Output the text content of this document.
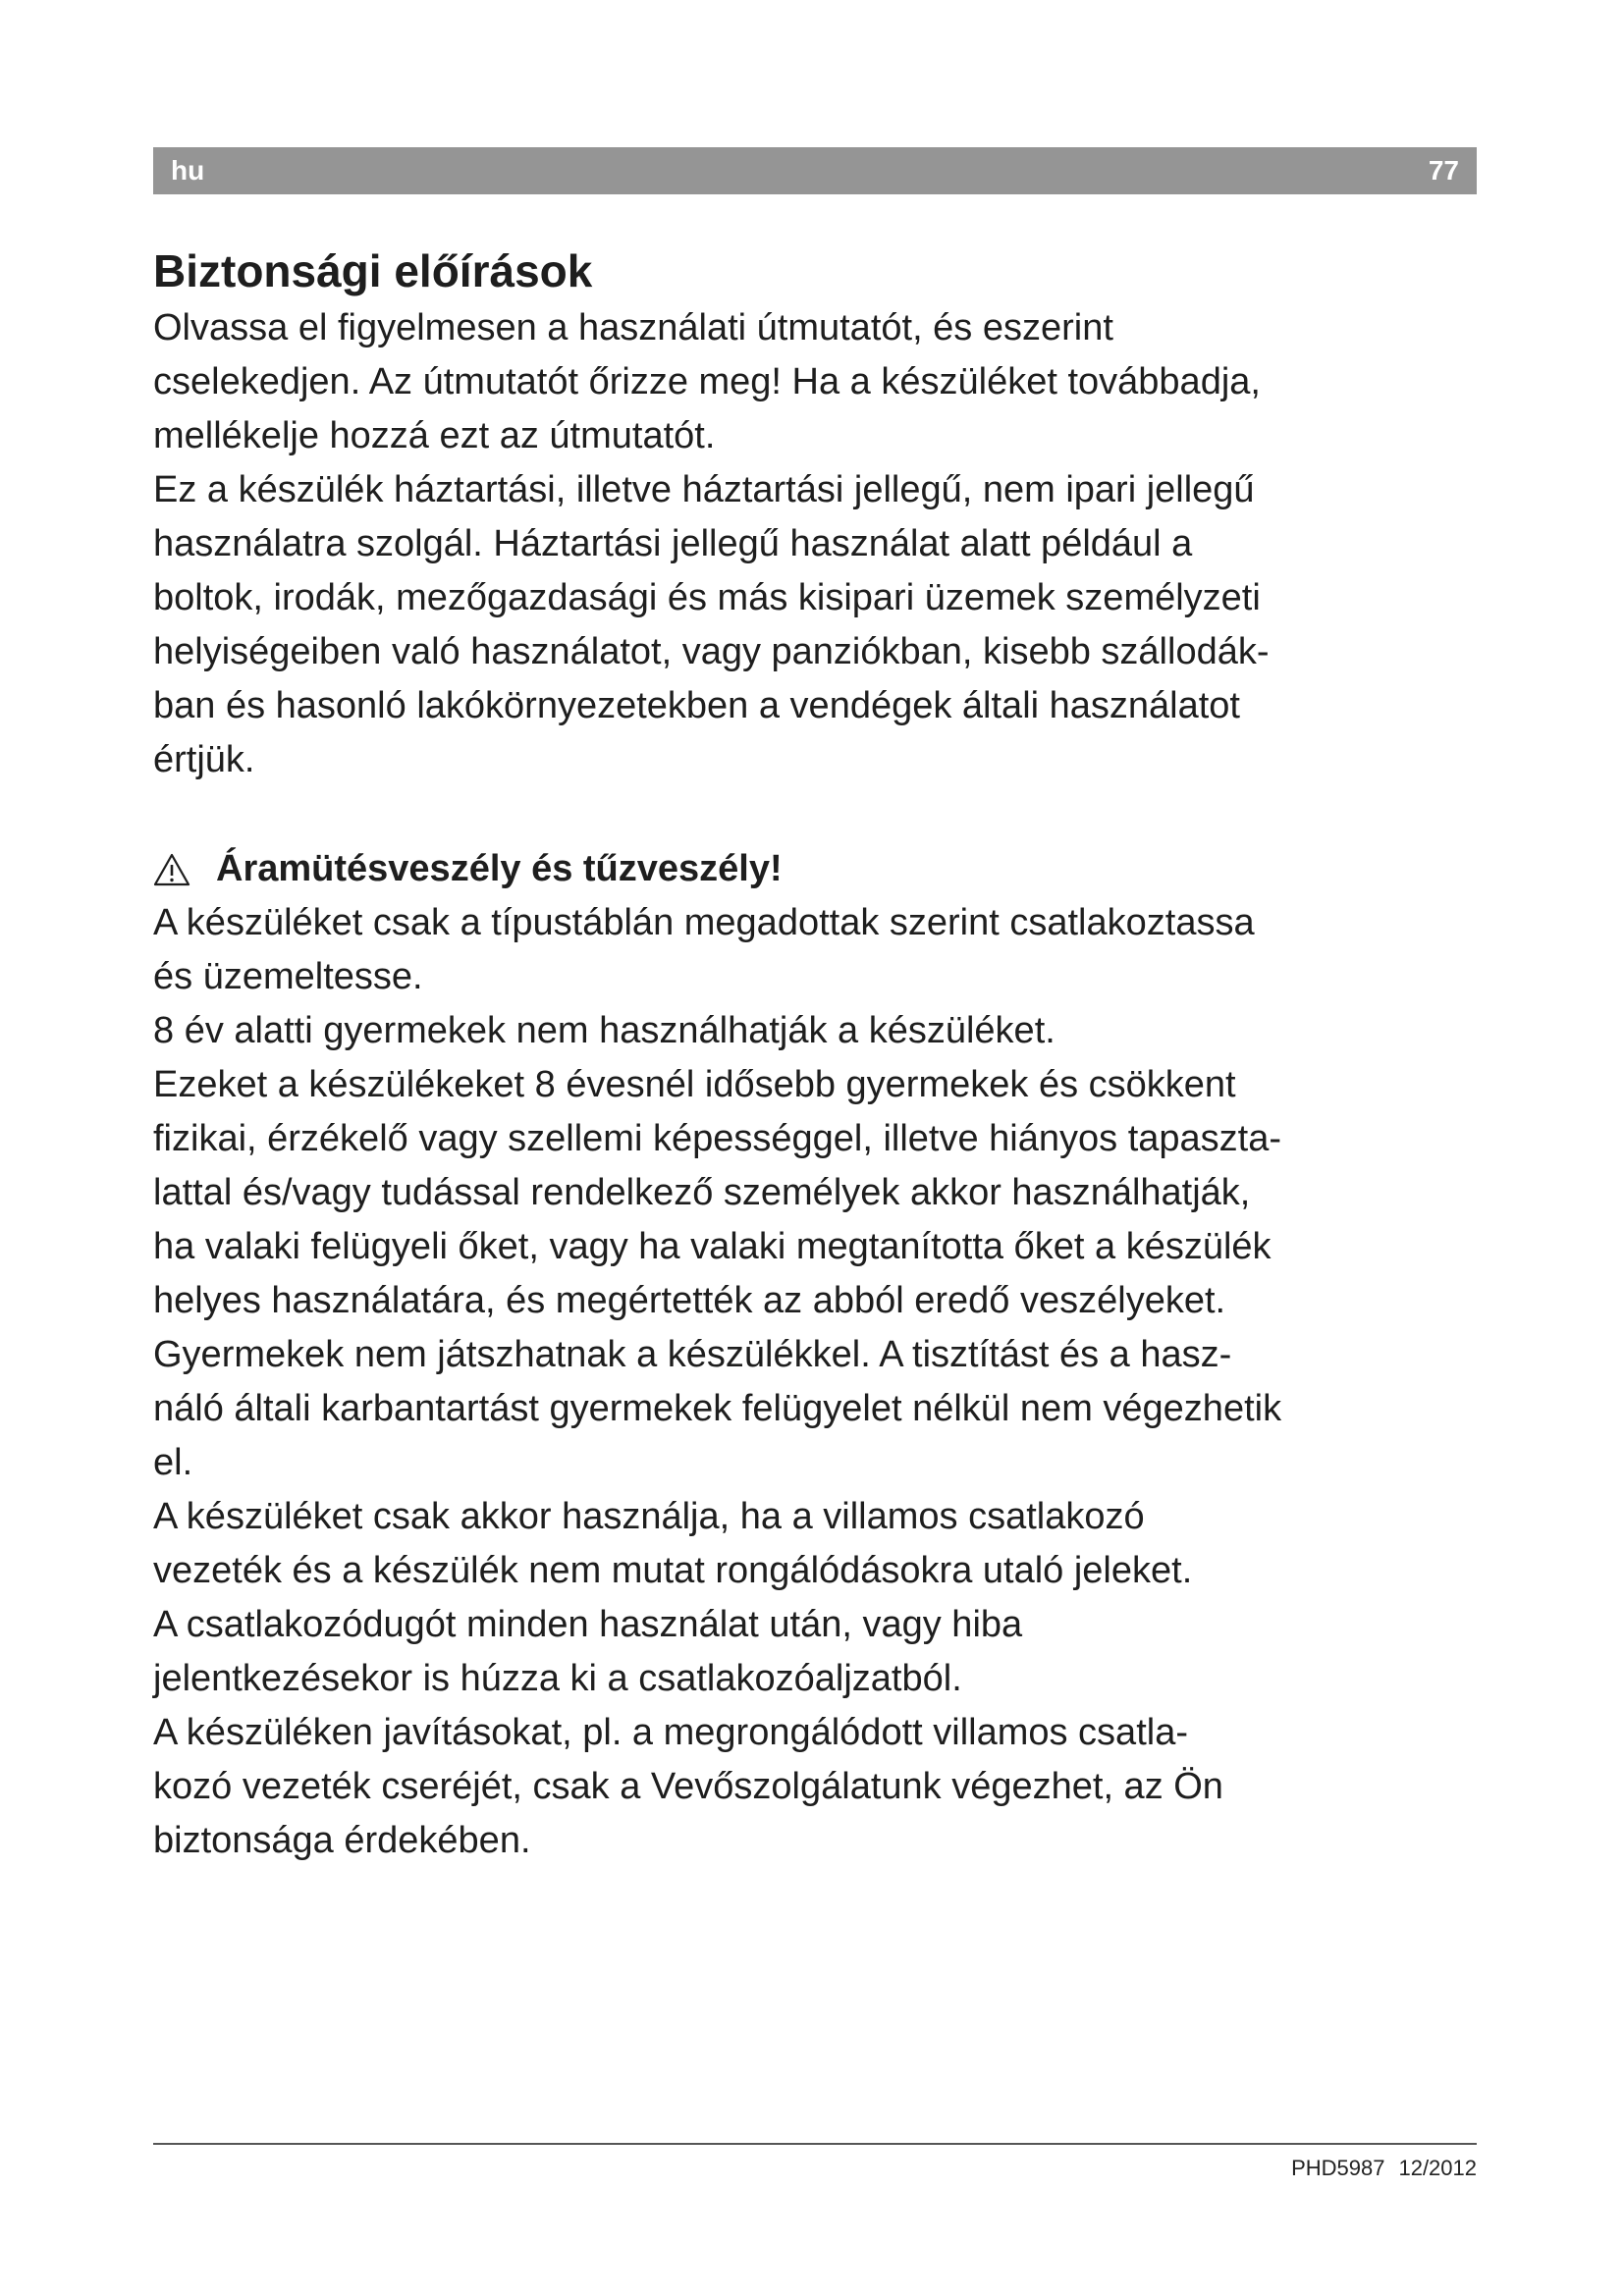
hu	77
Biztonsági előírások

Olvassa el figyelmesen a használati útmutatót, és eszerint
cselekedjen. Az útmutatót őrizze meg! Ha a készüléket továbbadja,
mellékelje hozzá ezt az útmutatót.

Ez a készülék háztartási, illetve háztartási jellegű, nem ipari jellegű
használatra szolgál. Háztartási jellegű használat alatt például a
boltok, irodák, mezőgazdasági és más kisipari üzemek személyzeti
helyiségeiben való használatot, vagy panziókban, kisebb szállodák-
ban és hasonló lakókörnyezetekben a vendégek általi használatot
értjük.

Áramütésveszély és tűzveszély!

A készüléket csak a típustáblán megadottak szerint csatlakoztassa
és üzemeltesse.

8 év alatti gyermekek nem használhatják a készüléket.

Ezeket a készülékeket 8 évesnél idősebb gyermekek és csökkent
fizikai, érzékelő vagy szellemi képességgel, illetve hiányos tapaszta-
lattal és/vagy tudással rendelkező személyek akkor használhatják,
ha valaki felügyeli őket, vagy ha valaki megtanította őket a készülék
helyes használatára, és megértették az abból eredő veszélyeket.

Gyermekek nem játszhatnak a készülékkel. A tisztítást és a hasz-
náló általi karbantartást gyermekek felügyelet nélkül nem végezhetik
el.

A készüléket csak akkor használja, ha a villamos csatlakozó
vezeték és a készülék nem mutat rongálódásokra utaló jeleket.

A csatlakozódugót minden használat után, vagy hiba
jelentkezésekor is húzza ki a csatlakozóaljzatból.

A készüléken javításokat, pl. a megrongálódott villamos csatla-
kozó vezeték cseréjét, csak a Vevőszolgálatunk végezhet, az Ön
biztonsága érdekében.

PHD5987 12/2012
